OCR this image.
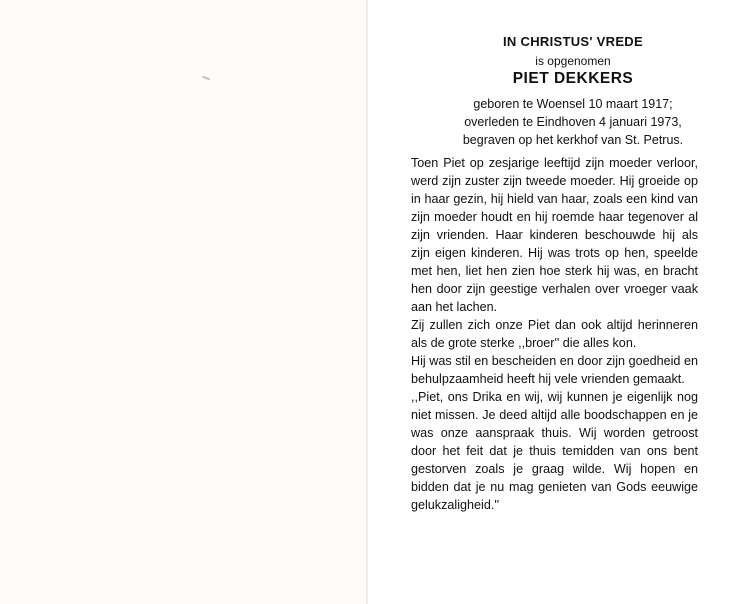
IN CHRISTUS' VREDE
is opgenomen
PIET DEKKERS
geboren te Woensel 10 maart 1917;
overleden te Eindhoven 4 januari 1973,
begraven op het kerkhof van St. Petrus.

Toen Piet op zesjarige leeftijd zijn moeder verloor, werd zijn zuster zijn tweede moeder. Hij groeide op in haar gezin, hij hield van haar, zoals een kind van zijn moeder houdt en hij roemde haar tegenover al zijn vrienden. Haar kinderen beschouwde hij als zijn eigen kinderen. Hij was trots op hen, speelde met hen, liet hen zien hoe sterk hij was, en bracht hen door zijn geestige verhalen over vroeger vaak aan het lachen.

Zij zullen zich onze Piet dan ook altijd herinneren als de grote sterke ,,broer'' die alles kon.

Hij was stil en bescheiden en door zijn goedheid en behulpzaamheid heeft hij vele vrienden gemaakt.

,,Piet, ons Drika en wij, wij kunnen je eigenlijk nog niet missen. Je deed altijd alle boodschappen en je was onze aanspraak thuis. Wij worden getroost door het feit dat je thuis temidden van ons bent gestorven zoals je graag wilde. Wij hopen en bidden dat je nu mag genieten van Gods eeuwige gelukzaligheid.''
